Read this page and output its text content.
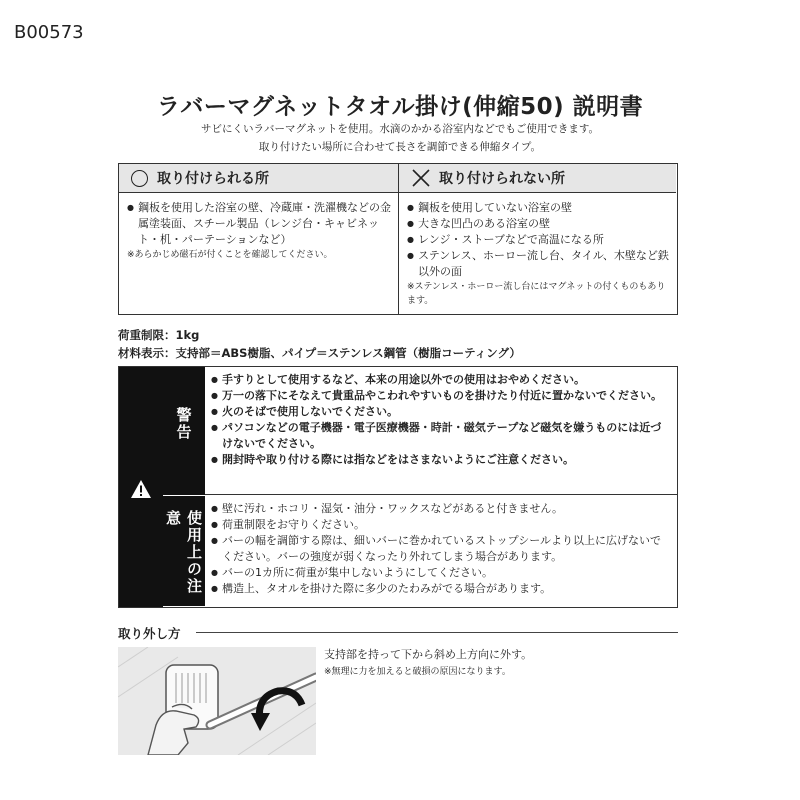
B00573
ラバーマグネットタオル掛け(伸縮50) 説明書
サビにくいラバーマグネットを使用。水滴のかかる浴室内などでもご使用できます。
取り付けたい場所に合わせて長さを調節できる伸縮タイプ。
取り付けられる所
● 鋼板を使用した浴室の壁、冷蔵庫・洗濯機などの金属塗装面、スチール製品（レンジ台・キャビネット・机・パーテーションなど）
※あらかじめ磁石が付くことを確認してください。
取り付けられない所
● 鋼板を使用していない浴室の壁
● 大きな凹凸のある浴室の壁
● レンジ・ストーブなどで高温になる所
● ステンレス、ホーロー流し台、タイル、木壁など鉄以外の面
※ステンレス・ホーロー流し台にはマグネットの付くものもあります。
荷重制限：1kg
材料表示：支持部＝ABS樹脂、パイプ＝ステンレス鋼管（樹脂コーティング）
警告
使用上の注意
● 手すりとして使用するなど、本来の用途以外での使用はおやめください。
● 万一の落下にそなえて貴重品やこわれやすいものを掛けたり付近に置かないでください。
● 火のそばで使用しないでください。
● パソコンなどの電子機器・電子医療機器・時計・磁気テープなど磁気を嫌うものには近づけないでください。
● 開封時や取り付ける際には指などをはさまないようにご注意ください。
● 壁に汚れ・ホコリ・湿気・油分・ワックスなどがあると付きません。
● 荷重制限をお守りください。
● バーの幅を調節する際は、細いバーに巻かれているストップシールより以上に広げないでください。バーの強度が弱くなったり外れてしまう場合があります。
● バーの1カ所に荷重が集中しないようにしてください。
● 構造上、タオルを掛けた際に多少のたわみがでる場合があります。
取り外し方
支持部を持って下から斜め上方向に外す。
※無理に力を加えると破損の原因になります。
